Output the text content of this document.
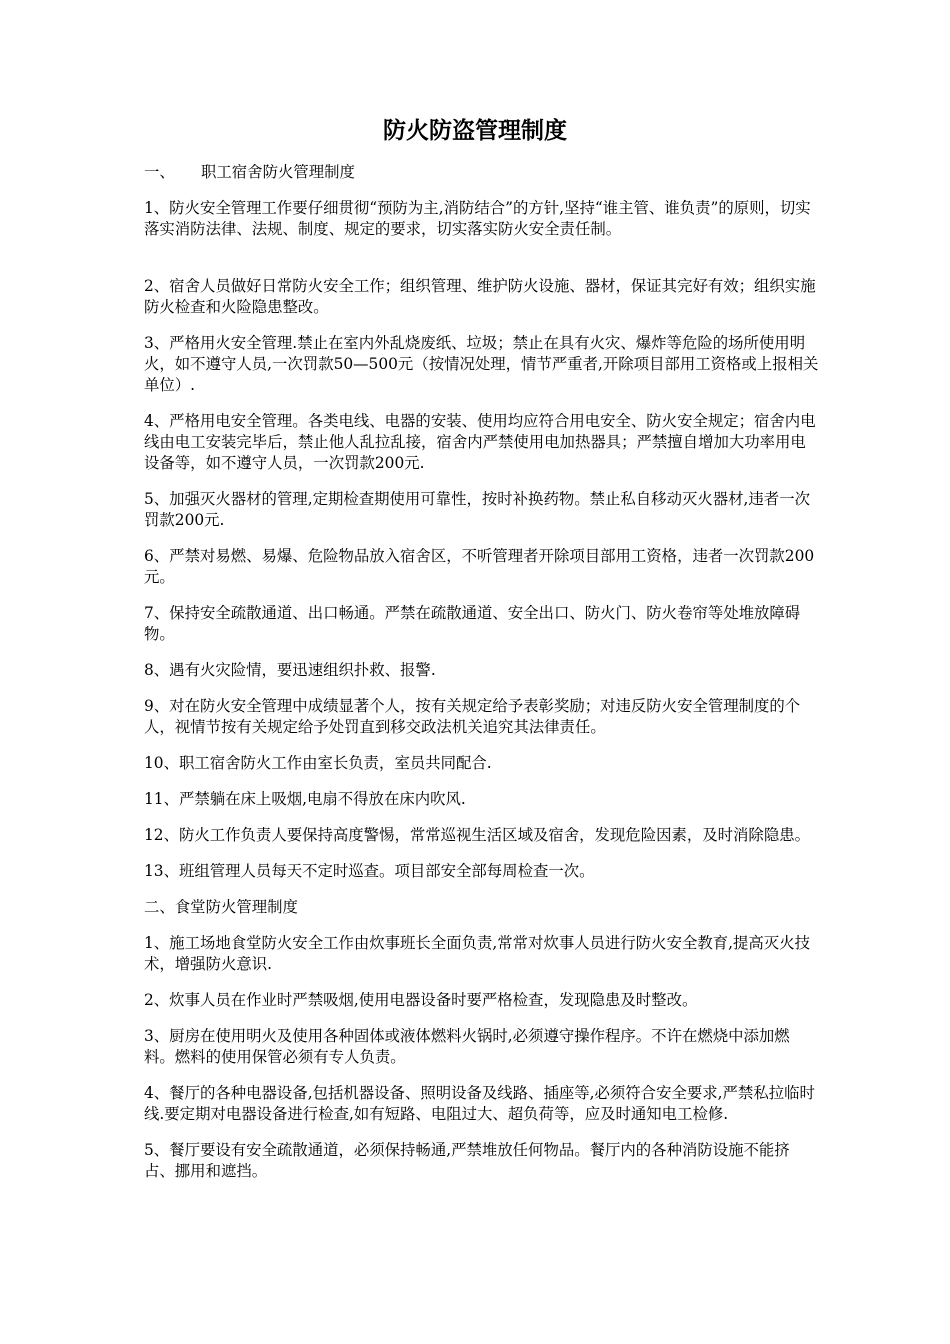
防火防盗管理制度

一、 职工宿舍防火管理制度

1、防火安全管理工作要仔细贯彻“预防为主,消防结合”的方针,坚持“谁主管、谁负责”的原则，切实落实消防法律、法规、制度、规定的要求，切实落实防火安全责任制。

2、宿舍人员做好日常防火安全工作；组织管理、维护防火设施、器材，保证其完好有效；组织实施防火检查和火险隐患整改。

3、严格用火安全管理.禁止在室内外乱烧废纸、垃圾；禁止在具有火灾、爆炸等危险的场所使用明火，如不遵守人员,一次罚款50—500元（按情况处理，情节严重者,开除项目部用工资格或上报相关单位）.

4、严格用电安全管理。各类电线、电器的安装、使用均应符合用电安全、防火安全规定；宿舍内电线由电工安装完毕后，禁止他人乱拉乱接，宿舍内严禁使用电加热器具；严禁擅自增加大功率用电设备等，如不遵守人员，一次罚款200元.

5、加强灭火器材的管理,定期检查期使用可靠性，按时补换药物。禁止私自移动灭火器材,违者一次罚款200元.

6、严禁对易燃、易爆、危险物品放入宿舍区，不听管理者开除项目部用工资格，违者一次罚款200元。

7、保持安全疏散通道、出口畅通。严禁在疏散通道、安全出口、防火门、防火卷帘等处堆放障碍物。

8、遇有火灾险情，要迅速组织扑救、报警.

9、对在防火安全管理中成绩显著个人，按有关规定给予表彰奖励；对违反防火安全管理制度的个人，视情节按有关规定给予处罚直到移交政法机关追究其法律责任。

10、职工宿舍防火工作由室长负责，室员共同配合.

11、严禁躺在床上吸烟,电扇不得放在床内吹风.

12、防火工作负责人要保持高度警惕，常常巡视生活区域及宿舍，发现危险因素，及时消除隐患。

13、班组管理人员每天不定时巡查。项目部安全部每周检查一次。

二、食堂防火管理制度

1、施工场地食堂防火安全工作由炊事班长全面负责,常常对炊事人员进行防火安全教育,提高灭火技术，增强防火意识.

2、炊事人员在作业时严禁吸烟,使用电器设备时要严格检查，发现隐患及时整改。

3、厨房在使用明火及使用各种固体或液体燃料火锅时,必须遵守操作程序。不许在燃烧中添加燃料。燃料的使用保管必须有专人负责。

4、餐厅的各种电器设备,包括机器设备、照明设备及线路、插座等,必须符合安全要求,严禁私拉临时线.要定期对电器设备进行检查,如有短路、电阻过大、超负荷等，应及时通知电工检修.

5、餐厅要设有安全疏散通道，必须保持畅通,严禁堆放任何物品。餐厅内的各种消防设施不能挤占、挪用和遮挡。
